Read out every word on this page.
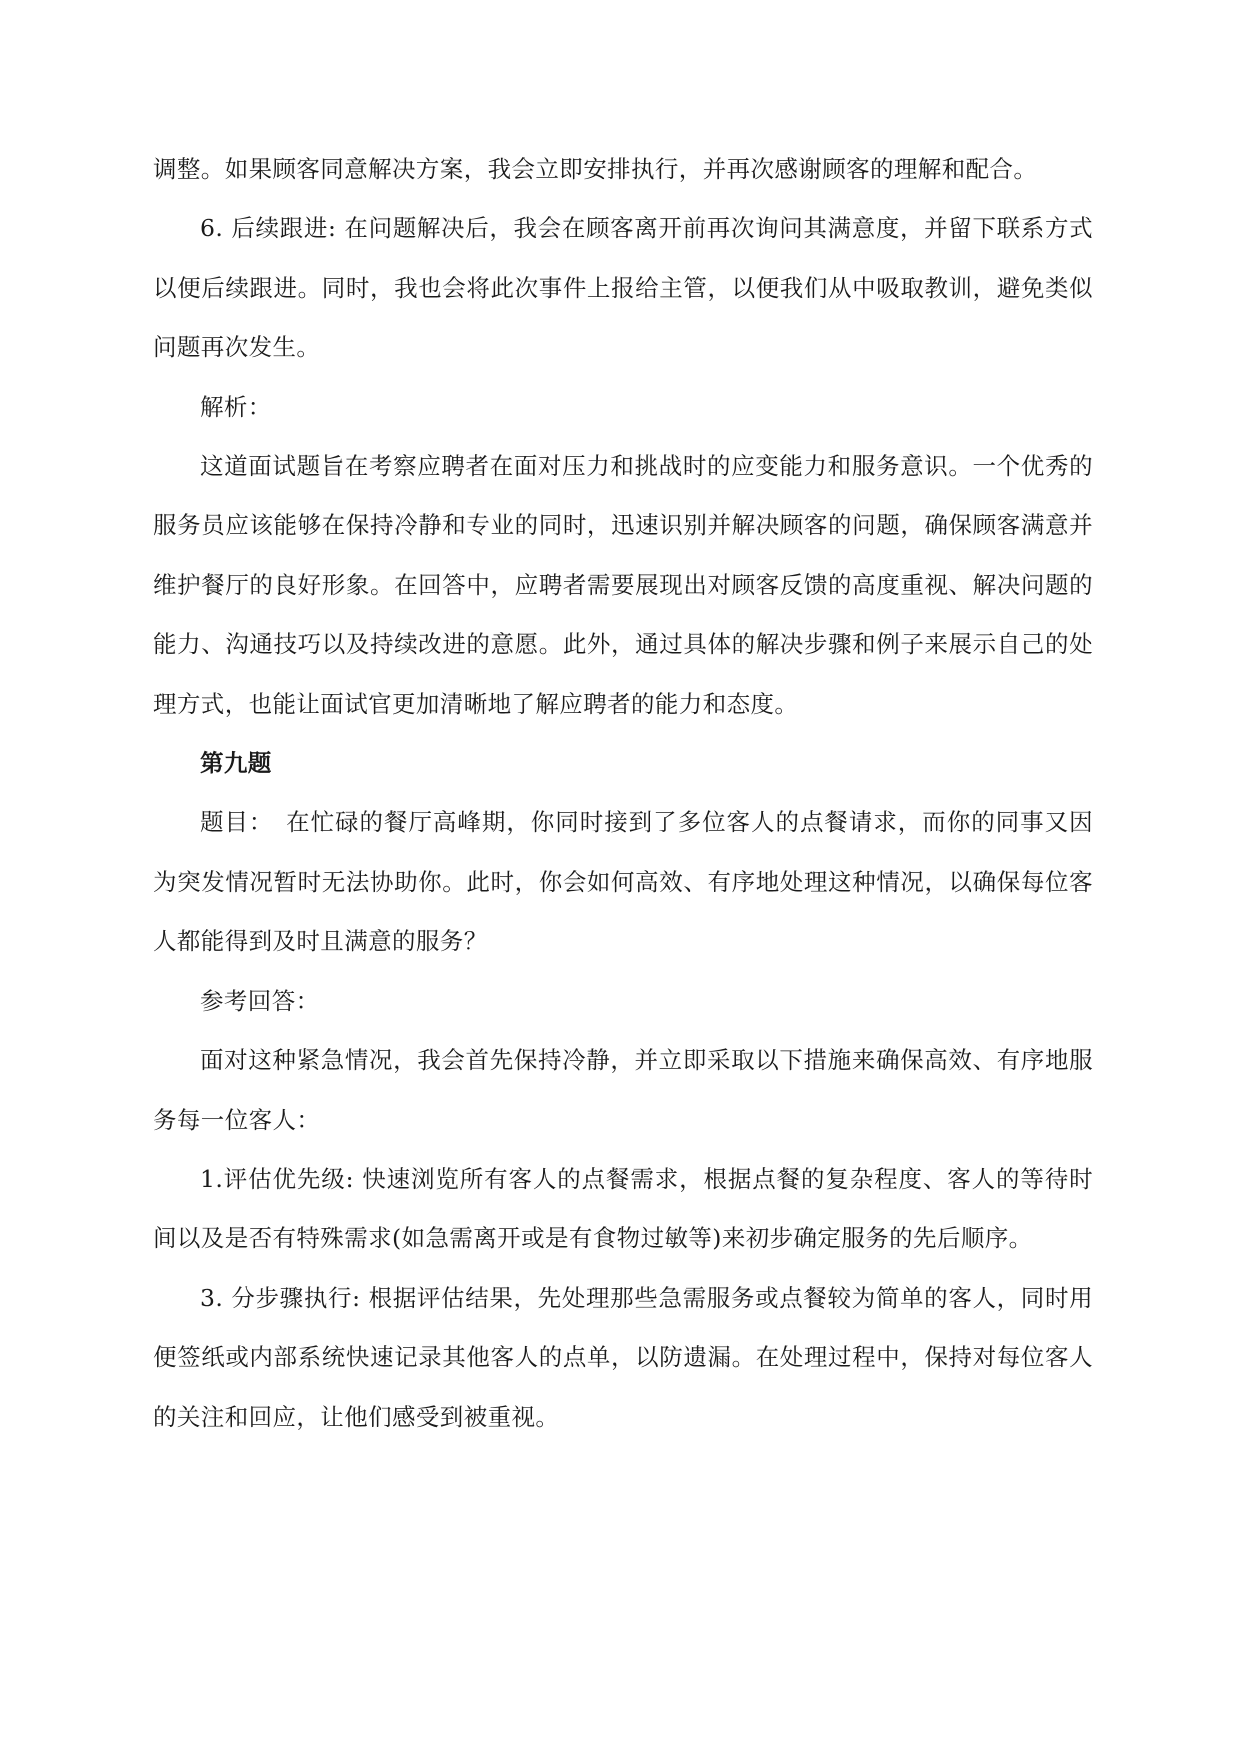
调整。如果顾客同意解决方案，我会立即安排执行，并再次感谢顾客的理解和配合。

6. 后续跟进: 在问题解决后，我会在顾客离开前再次询问其满意度，并留下联系方式以便后续跟进。同时，我也会将此次事件上报给主管，以便我们从中吸取教训，避免类似问题再次发生。

解析：

这道面试题旨在考察应聘者在面对压力和挑战时的应变能力和服务意识。一个优秀的服务员应该能够在保持冷静和专业的同时，迅速识别并解决顾客的问题，确保顾客满意并维护餐厅的良好形象。在回答中，应聘者需要展现出对顾客反馈的高度重视、解决问题的能力、沟通技巧以及持续改进的意愿。此外，通过具体的解决步骤和例子来展示自己的处理方式，也能让面试官更加清晰地了解应聘者的能力和态度。

第九题

题目：　在忙碌的餐厅高峰期，你同时接到了多位客人的点餐请求，而你的同事又因为突发情况暂时无法协助你。此时，你会如何高效、有序地处理这种情况，以确保每位客人都能得到及时且满意的服务？

参考回答：

面对这种紧急情况，我会首先保持冷静，并立即采取以下措施来确保高效、有序地服务每一位客人：

1.评估优先级: 快速浏览所有客人的点餐需求，根据点餐的复杂程度、客人的等待时间以及是否有特殊需求(如急需离开或是有食物过敏等)来初步确定服务的先后顺序。

3. 分步骤执行: 根据评估结果，先处理那些急需服务或点餐较为简单的客人，同时用便签纸或内部系统快速记录其他客人的点单，以防遗漏。在处理过程中，保持对每位客人的关注和回应，让他们感受到被重视。
